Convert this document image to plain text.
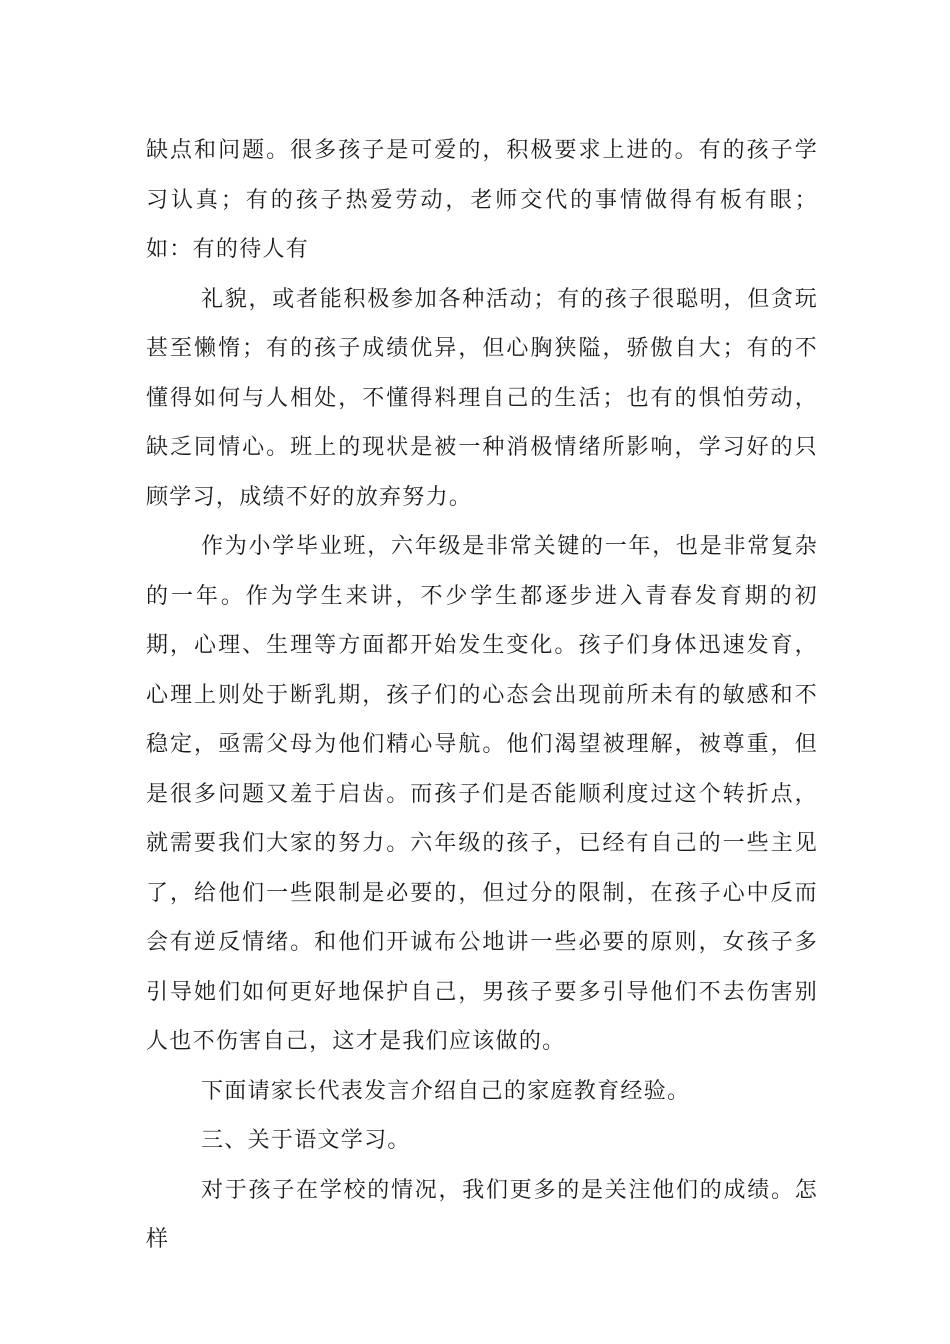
缺点和问题。很多孩子是可爱的，积极要求上进的。有的孩子学习认真；有的孩子热爱劳动，老师交代的事情做得有板有眼；如：有的待人有

礼貌，或者能积极参加各种活动；有的孩子很聪明，但贪玩甚至懒惰；有的孩子成绩优异，但心胸狭隘，骄傲自大；有的不懂得如何与人相处，不懂得料理自己的生活；也有的惧怕劳动，缺乏同情心。班上的现状是被一种消极情绪所影响，学习好的只顾学习，成绩不好的放弃努力。

作为小学毕业班，六年级是非常关键的一年，也是非常复杂的一年。作为学生来讲，不少学生都逐步进入青春发育期的初期，心理、生理等方面都开始发生变化。孩子们身体迅速发育，心理上则处于断乳期，孩子们的心态会出现前所未有的敏感和不稳定，亟需父母为他们精心导航。他们渴望被理解，被尊重，但是很多问题又羞于启齿。而孩子们是否能顺利度过这个转折点，就需要我们大家的努力。六年级的孩子，已经有自己的一些主见了，给他们一些限制是必要的，但过分的限制，在孩子心中反而会有逆反情绪。和他们开诚布公地讲一些必要的原则，女孩子多引导她们如何更好地保护自己，男孩子要多引导他们不去伤害别人也不伤害自己，这才是我们应该做的。

下面请家长代表发言介绍自己的家庭教育经验。

三、关于语文学习。

对于孩子在学校的情况，我们更多的是关注他们的成绩。怎样
